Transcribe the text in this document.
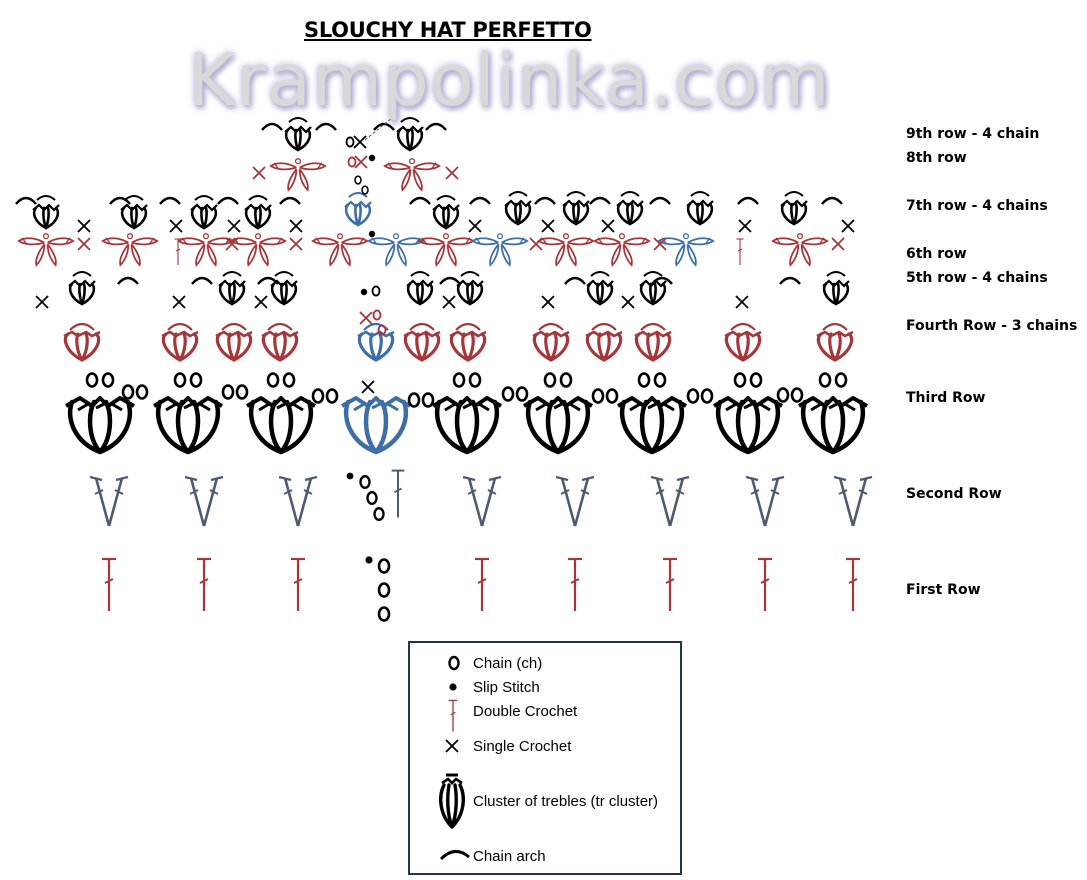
SLOUCHY HAT PERFETTO
Krampolinka.com
9th row - 4 chain
8th row
7th row - 4 chains
6th row
5th row - 4 chains
Fourth Row - 3 chains
Third Row
Second Row
First Row
Chain (ch)
Slip Stitch
Double Crochet
Single Crochet
Cluster of trebles (tr cluster)
Chain arch
